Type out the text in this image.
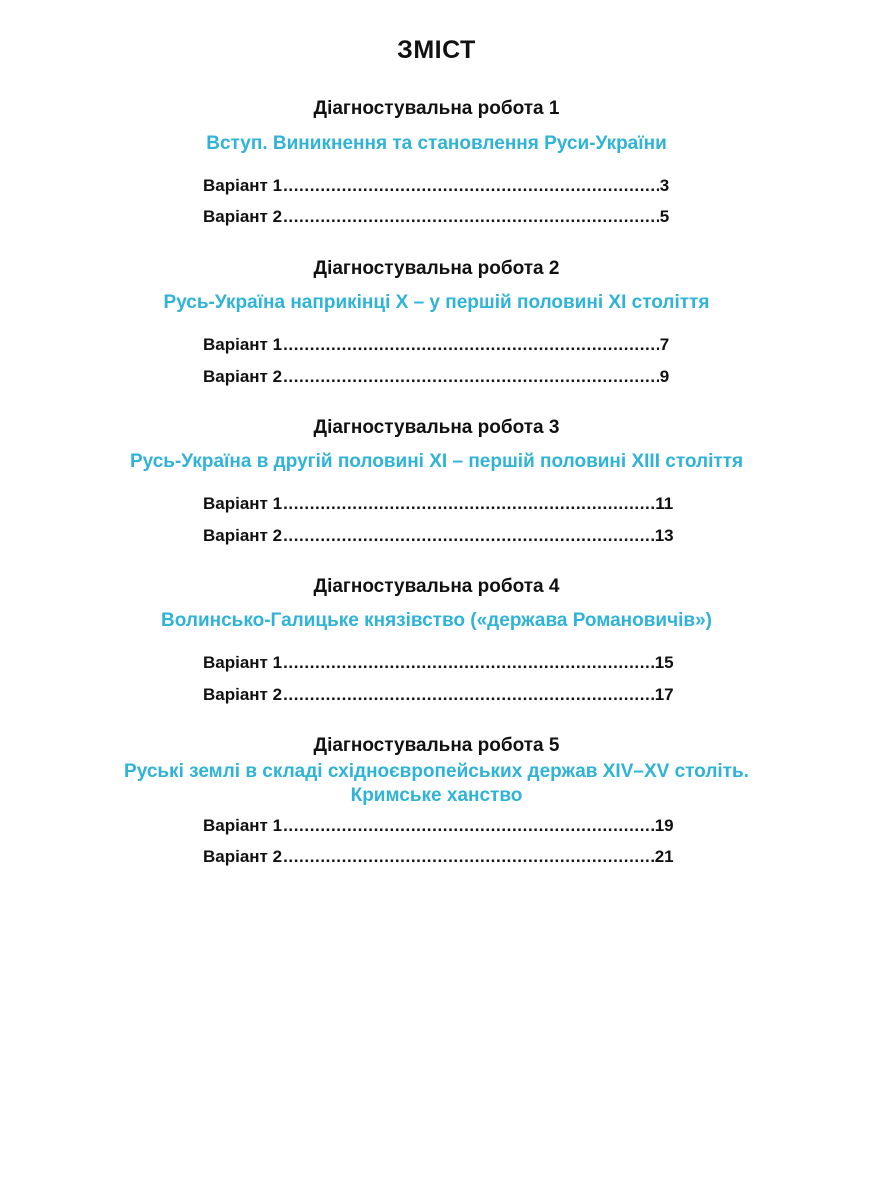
ЗМІСТ
Діагностувальна робота 1
Вступ. Виникнення та становлення Руси-України
Варіант 1 .....	3
Варіант 2 .....	5
Діагностувальна робота 2
Русь-Україна наприкінці X – у першій половині XI століття
Варіант 1 .....	7
Варіант 2 .....	9
Діагностувальна робота 3
Русь-Україна в другій половині XI – першій половині XIII століття
Варіант 1 .....	11
Варіант 2 .....	13
Діагностувальна робота 4
Волинсько-Галицьке князівство («держава Романовичів»)
Варіант 1 .....	15
Варіант 2 .....	17
Діагностувальна робота 5
Руські землі в складі східноєвропейських держав XIV–XV століть.
Кримське ханство
Варіант 1 .....	19
Варіант 2 .....	21
